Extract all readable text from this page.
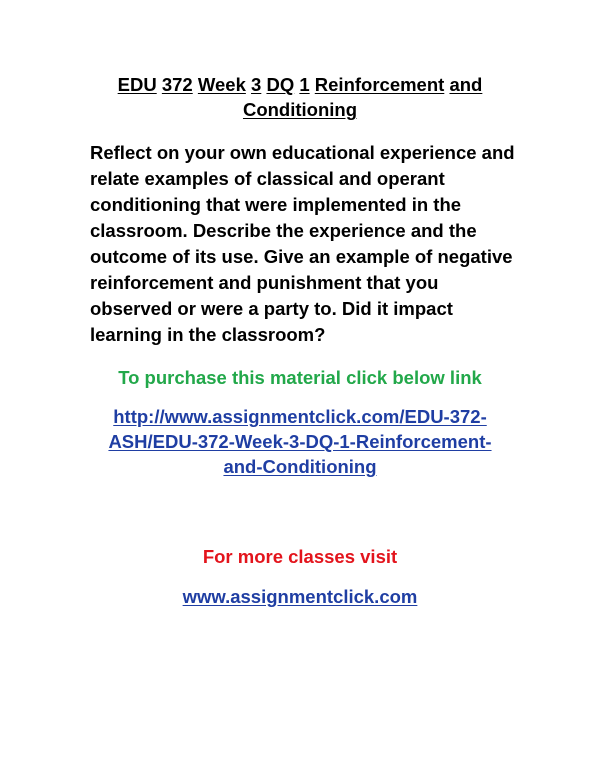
EDU 372 Week 3 DQ 1 Reinforcement and
Conditioning

Reflect on your own educational experience and relate examples of classical and operant conditioning that were implemented in the classroom. Describe the experience and the outcome of its use. Give an example of negative reinforcement and punishment that you observed or were a party to. Did it impact learning in the classroom?

To purchase this material click below link
http://www.assignmentclick.com/EDU-372-
ASH/EDU-372-Week-3-DQ-1-Reinforcement-
and-Conditioning
For more classes visit
www.assignmentclick.com
